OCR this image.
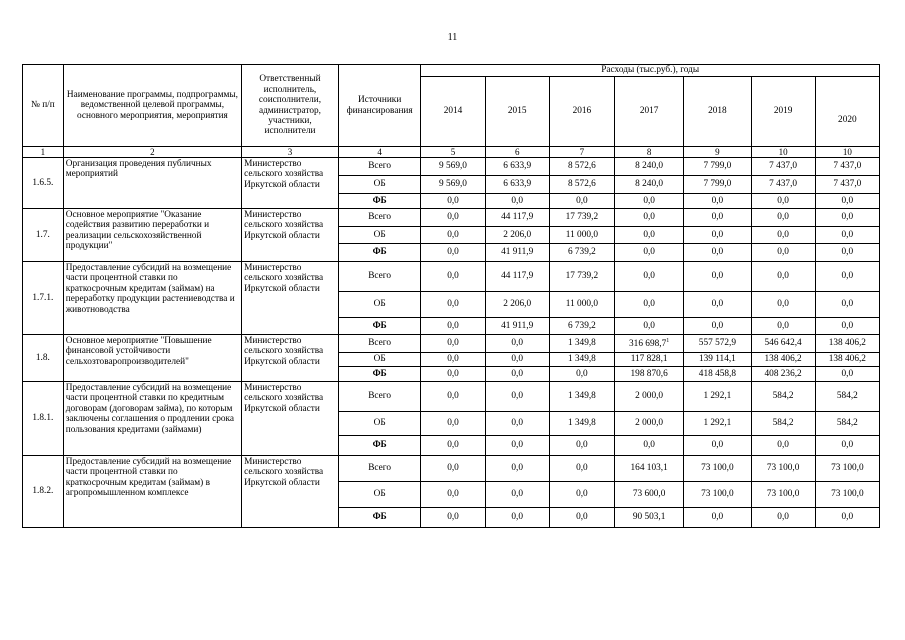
11
№ п/п	Наименование программы, подпрограммы, ведомственной целевой программы, основного мероприятия, мероприятия	Ответственный исполнитель, соисполнители, администратор, участники, исполнители	Источники финансирования	Расходы (тыс.руб.), годы						
				2014	2015	2016	2017	2018	2019	2020
1	2	3	4	5	6	7	8	9	10	10
1.6.5.	Организация проведения публичных мероприятий	Министерство сельского хозяйства Иркутской области	Всего	9 569,0	6 633,9	8 572,6	8 240,0	7 799,0	7 437,0	7 437,0
			ОБ	9 569,0	6 633,9	8 572,6	8 240,0	7 799,0	7 437,0	7 437,0
			ФБ	0,0	0,0	0,0	0,0	0,0	0,0	0,0
1.7.	Основное мероприятие "Оказание содействия развитию переработки и реализации сельскохозяйственной продукции"	Министерство сельского хозяйства Иркутской области	Всего	0,0	44 117,9	17 739,2	0,0	0,0	0,0	0,0
			ОБ	0,0	2 206,0	11 000,0	0,0	0,0	0,0	0,0
			ФБ	0,0	41 911,9	6 739,2	0,0	0,0	0,0	0,0
1.7.1.	Предоставление субсидий на возмещение части процентной ставки по краткосрочным кредитам (займам) на переработку продукции растениеводства и животноводства	Министерство сельского хозяйства Иркутской области	Всего	0,0	44 117,9	17 739,2	0,0	0,0	0,0	0,0
			ОБ	0,0	2 206,0	11 000,0	0,0	0,0	0,0	0,0
			ФБ	0,0	41 911,9	6 739,2	0,0	0,0	0,0	0,0
1.8.	Основное мероприятие "Повышение финансовой устойчивости сельхозтоваропроизводителей"	Министерство сельского хозяйства Иркутской области	Всего	0,0	0,0	1 349,8	316 698,7$^1$	557 572,9	546 642,4	138 406,2
			ОБ	0,0	0,0	1 349,8	117 828,1	139 114,1	138 406,2	138 406,2
			ФБ	0,0	0,0	0,0	198 870,6	418 458,8	408 236,2	0,0
1.8.1.	Предоставление субсидий на возмещение части процентной ставки по кредитным договорам (договорам займа), по которым заключены соглашения о продлении срока пользования кредитами (займами)	Министерство сельского хозяйства Иркутской области	Всего	0,0	0,0	1 349,8	2 000,0	1 292,1	584,2	584,2
			ОБ	0,0	0,0	1 349,8	2 000,0	1 292,1	584,2	584,2
			ФБ	0,0	0,0	0,0	0,0	0,0	0,0	0,0
1.8.2.	Предоставление субсидий на возмещение части процентной ставки по краткосрочным кредитам (займам) в агропромышленном комплексе	Министерство сельского хозяйства Иркутской области	Всего	0,0	0,0	0,0	164 103,1	73 100,0	73 100,0	73 100,0
			ОБ	0,0	0,0	0,0	73 600,0	73 100,0	73 100,0	73 100,0
			ФБ	0,0	0,0	0,0	90 503,1	0,0	0,0	0,0
